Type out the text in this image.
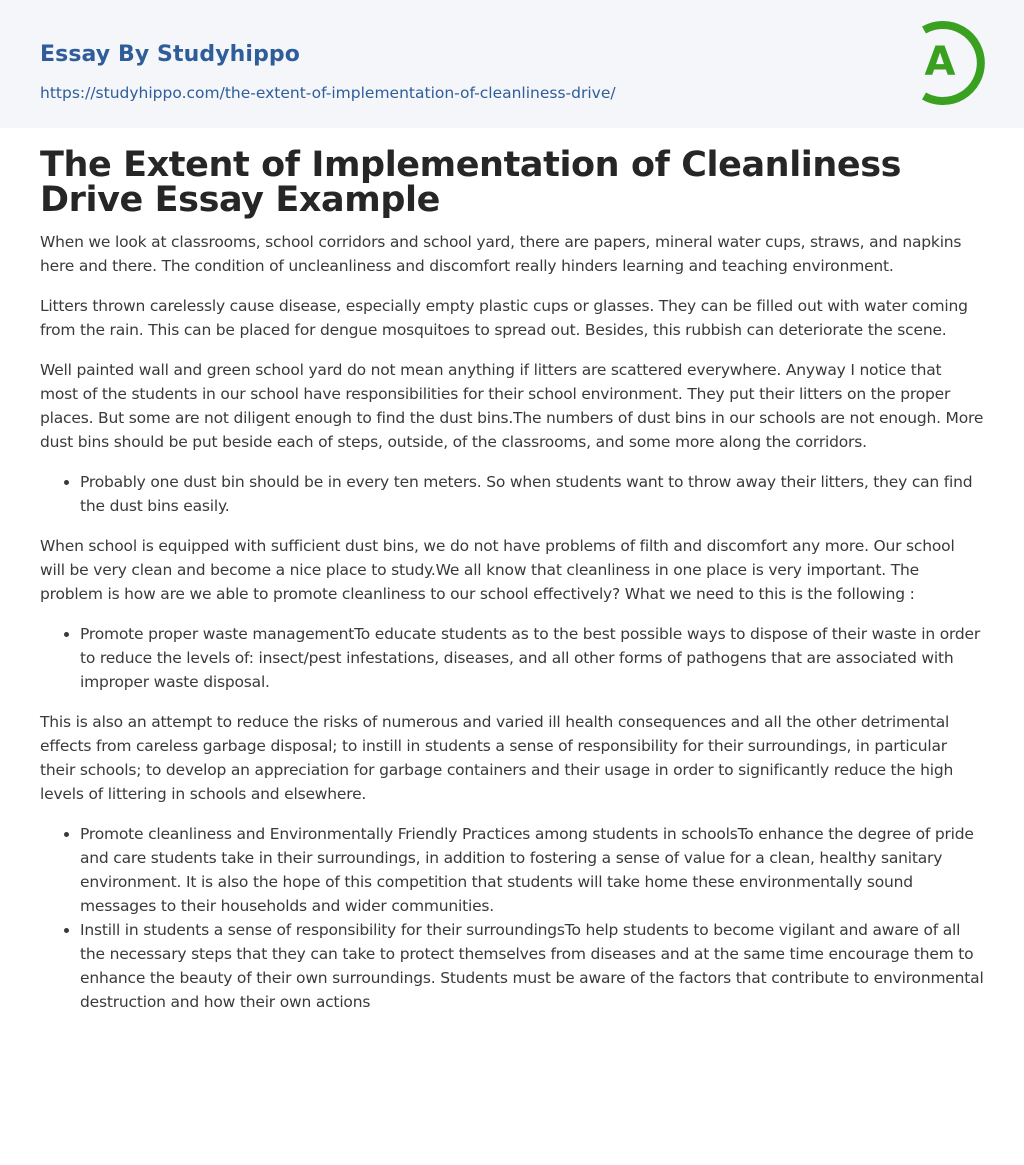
Essay By Studyhippo
https://studyhippo.com/the-extent-of-implementation-of-cleanliness-drive/
A
The Extent of Implementation of Cleanliness Drive Essay Example

When we look at classrooms, school corridors and school yard, there are papers, mineral water cups, straws, and napkins here and there. The condition of uncleanliness and discomfort really hinders learning and teaching environment.

Litters thrown carelessly cause disease, especially empty plastic cups or glasses. They can be filled out with water coming from the rain. This can be placed for dengue mosquitoes to spread out. Besides, this rubbish can deteriorate the scene.

Well painted wall and green school yard do not mean anything if litters are scattered everywhere. Anyway I notice that most of the students in our school have responsibilities for their school environment. They put their litters on the proper places. But some are not diligent enough to find the dust bins.The numbers of dust bins in our schools are not enough. More dust bins should be put beside each of steps, outside, of the classrooms, and some more along the corridors.

• Probably one dust bin should be in every ten meters. So when students want to throw away their litters, they can find the dust bins easily.

When school is equipped with sufficient dust bins, we do not have problems of filth and discomfort any more. Our school will be very clean and become a nice place to study.We all know that cleanliness in one place is very important. The problem is how are we able to promote cleanliness to our school effectively? What we need to this is the following :

• Promote proper waste managementTo educate students as to the best possible ways to dispose of their waste in order to reduce the levels of: insect/pest infestations, diseases, and all other forms of pathogens that are associated with improper waste disposal.

This is also an attempt to reduce the risks of numerous and varied ill health consequences and all the other detrimental effects from careless garbage disposal; to instill in students a sense of responsibility for their surroundings, in particular their schools; to develop an appreciation for garbage containers and their usage in order to significantly reduce the high levels of littering in schools and elsewhere.

• Promote cleanliness and Environmentally Friendly Practices among students in schoolsTo enhance the degree of pride and care students take in their surroundings, in addition to fostering a sense of value for a clean, healthy sanitary environment. It is also the hope of this competition that students will take home these environmentally sound messages to their households and wider communities.
• Instill in students a sense of responsibility for their surroundingsTo help students to become vigilant and aware of all the necessary steps that they can take to protect themselves from diseases and at the same time encourage them to enhance the beauty of their own surroundings. Students must be aware of the factors that contribute to environmental destruction and how their own actions
